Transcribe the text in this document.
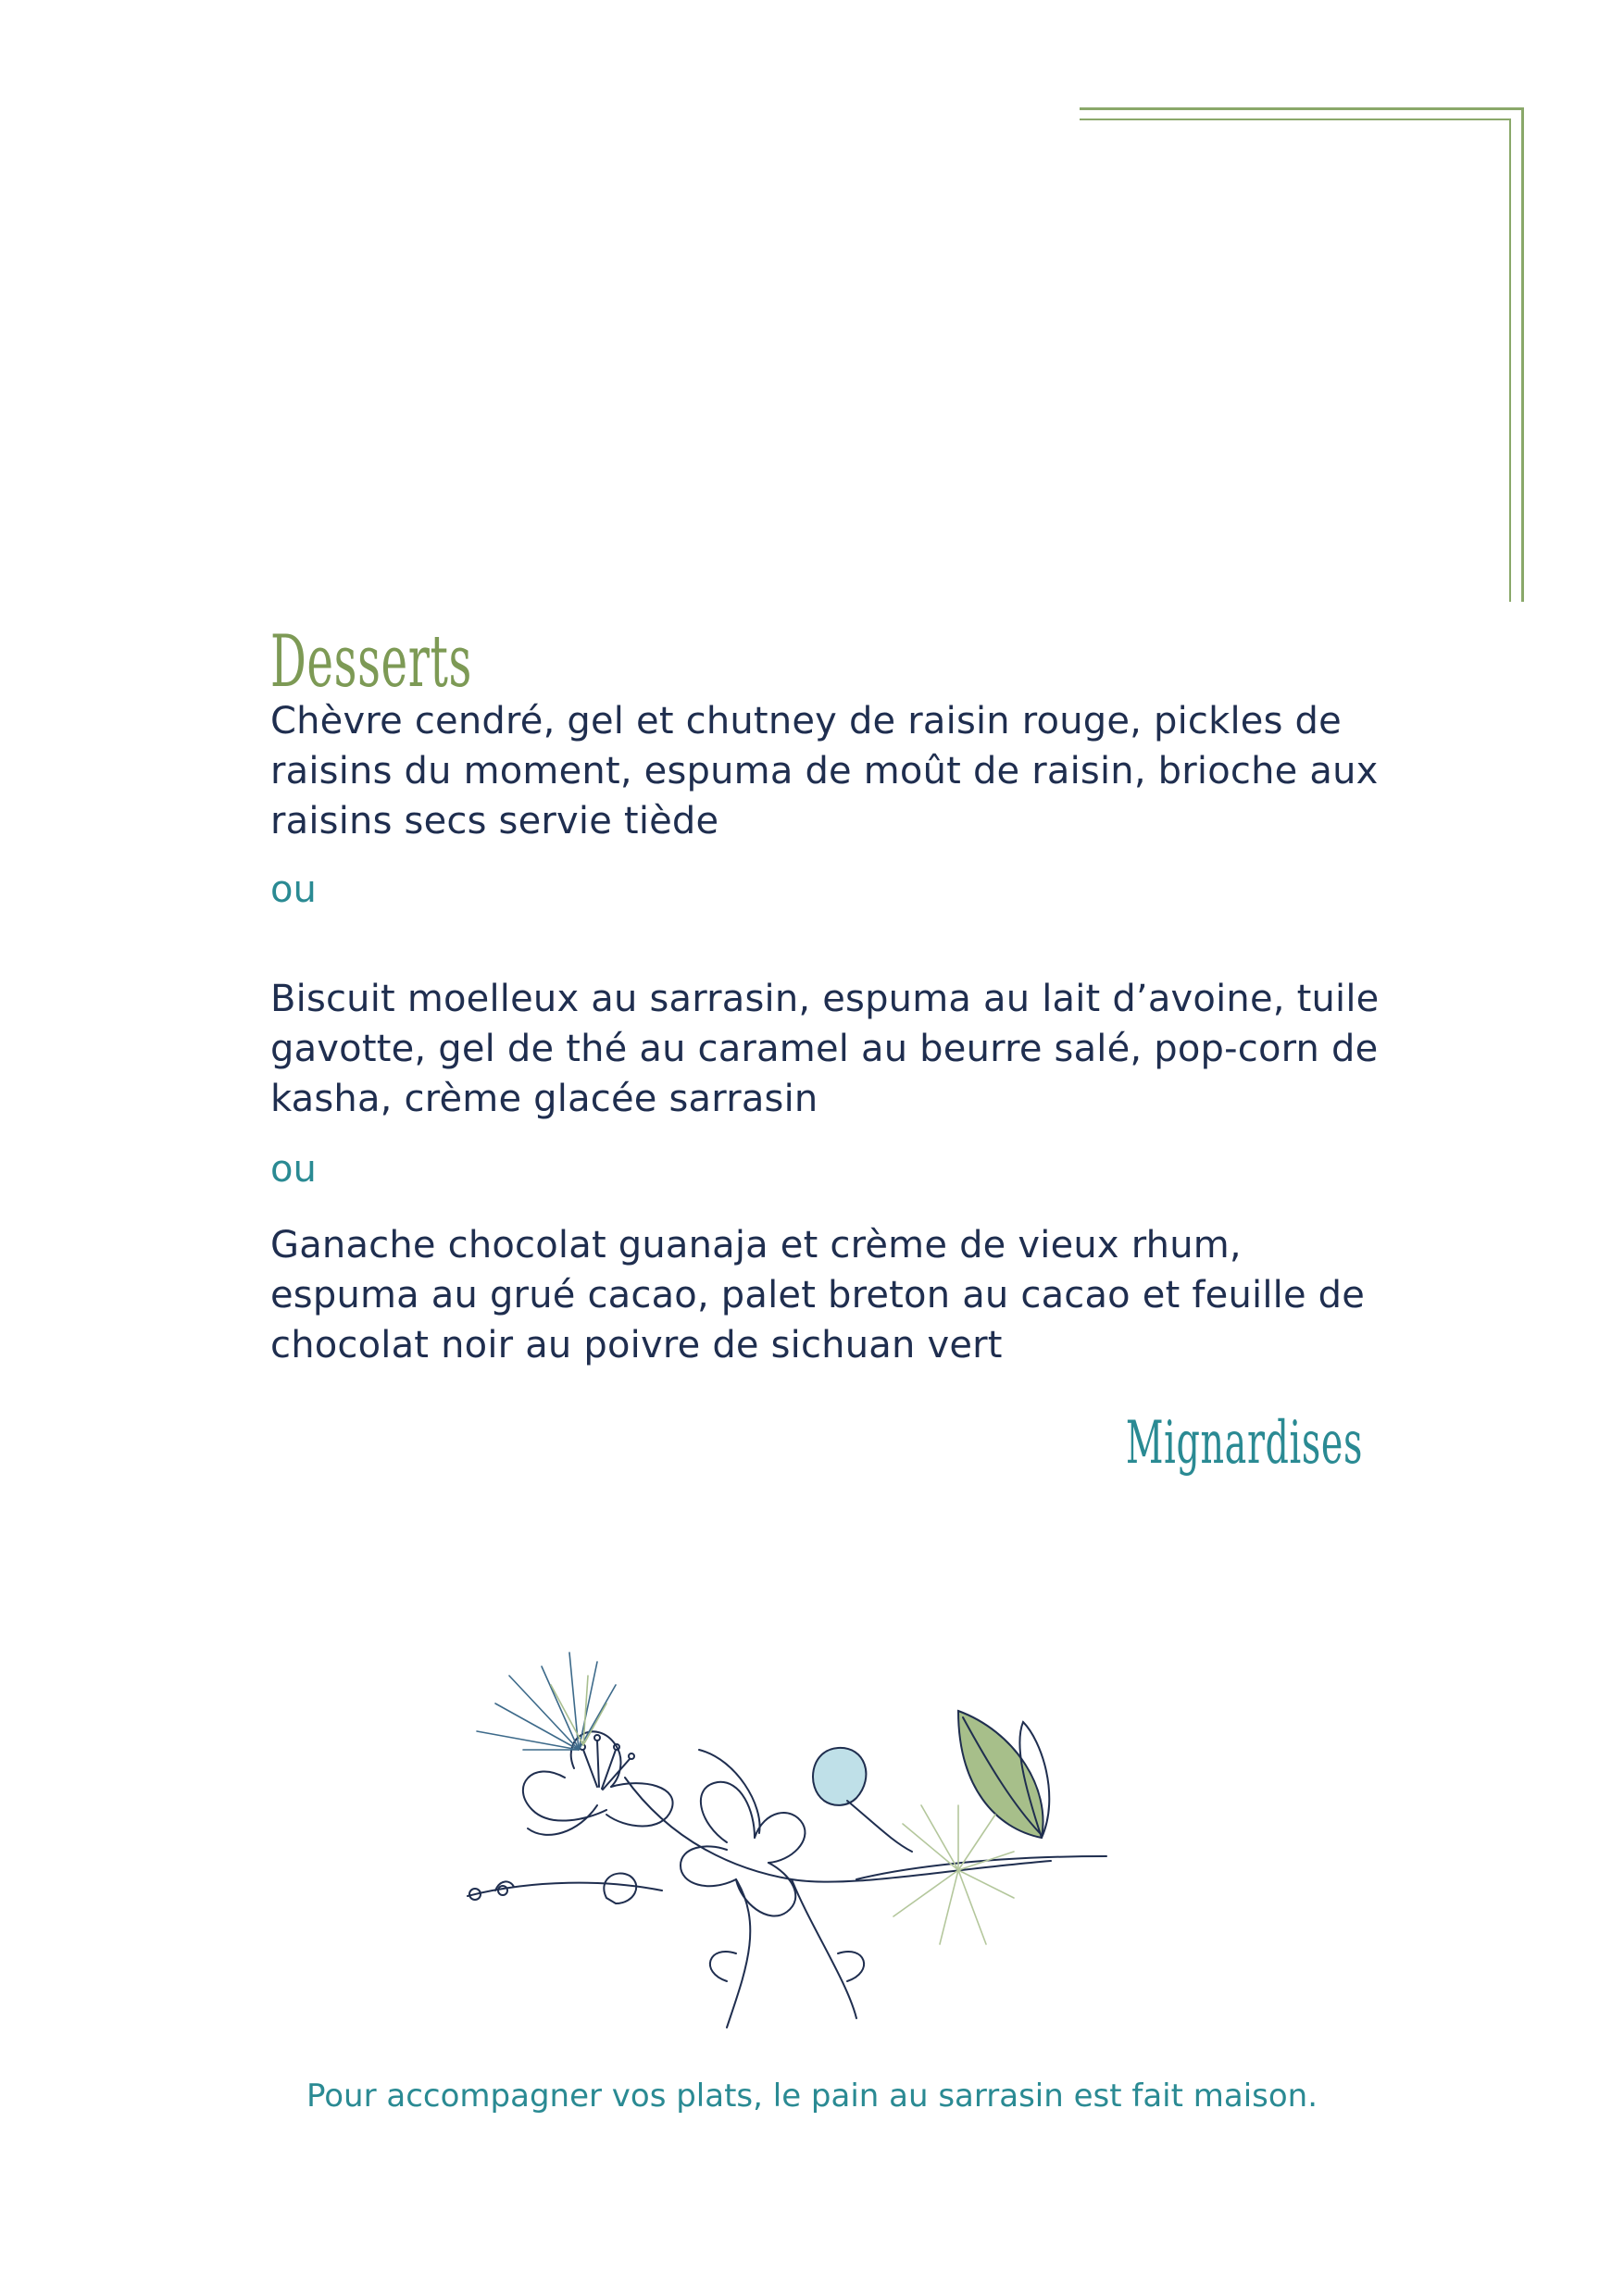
Desserts
Chèvre cendré, gel et chutney de raisin rouge, pickles de raisins du moment, espuma de moût de raisin, brioche aux raisins secs servie tiède
ou
Biscuit moelleux au sarrasin, espuma au lait d’avoine, tuile gavotte, gel de thé au caramel au beurre salé, pop-corn de kasha, crème glacée sarrasin
ou
Ganache chocolat guanaja et crème de vieux rhum, espuma au grué cacao, palet breton au cacao et feuille de chocolat noir au poivre de sichuan vert
Mignardises
Pour accompagner vos plats, le pain au sarrasin est fait maison.
